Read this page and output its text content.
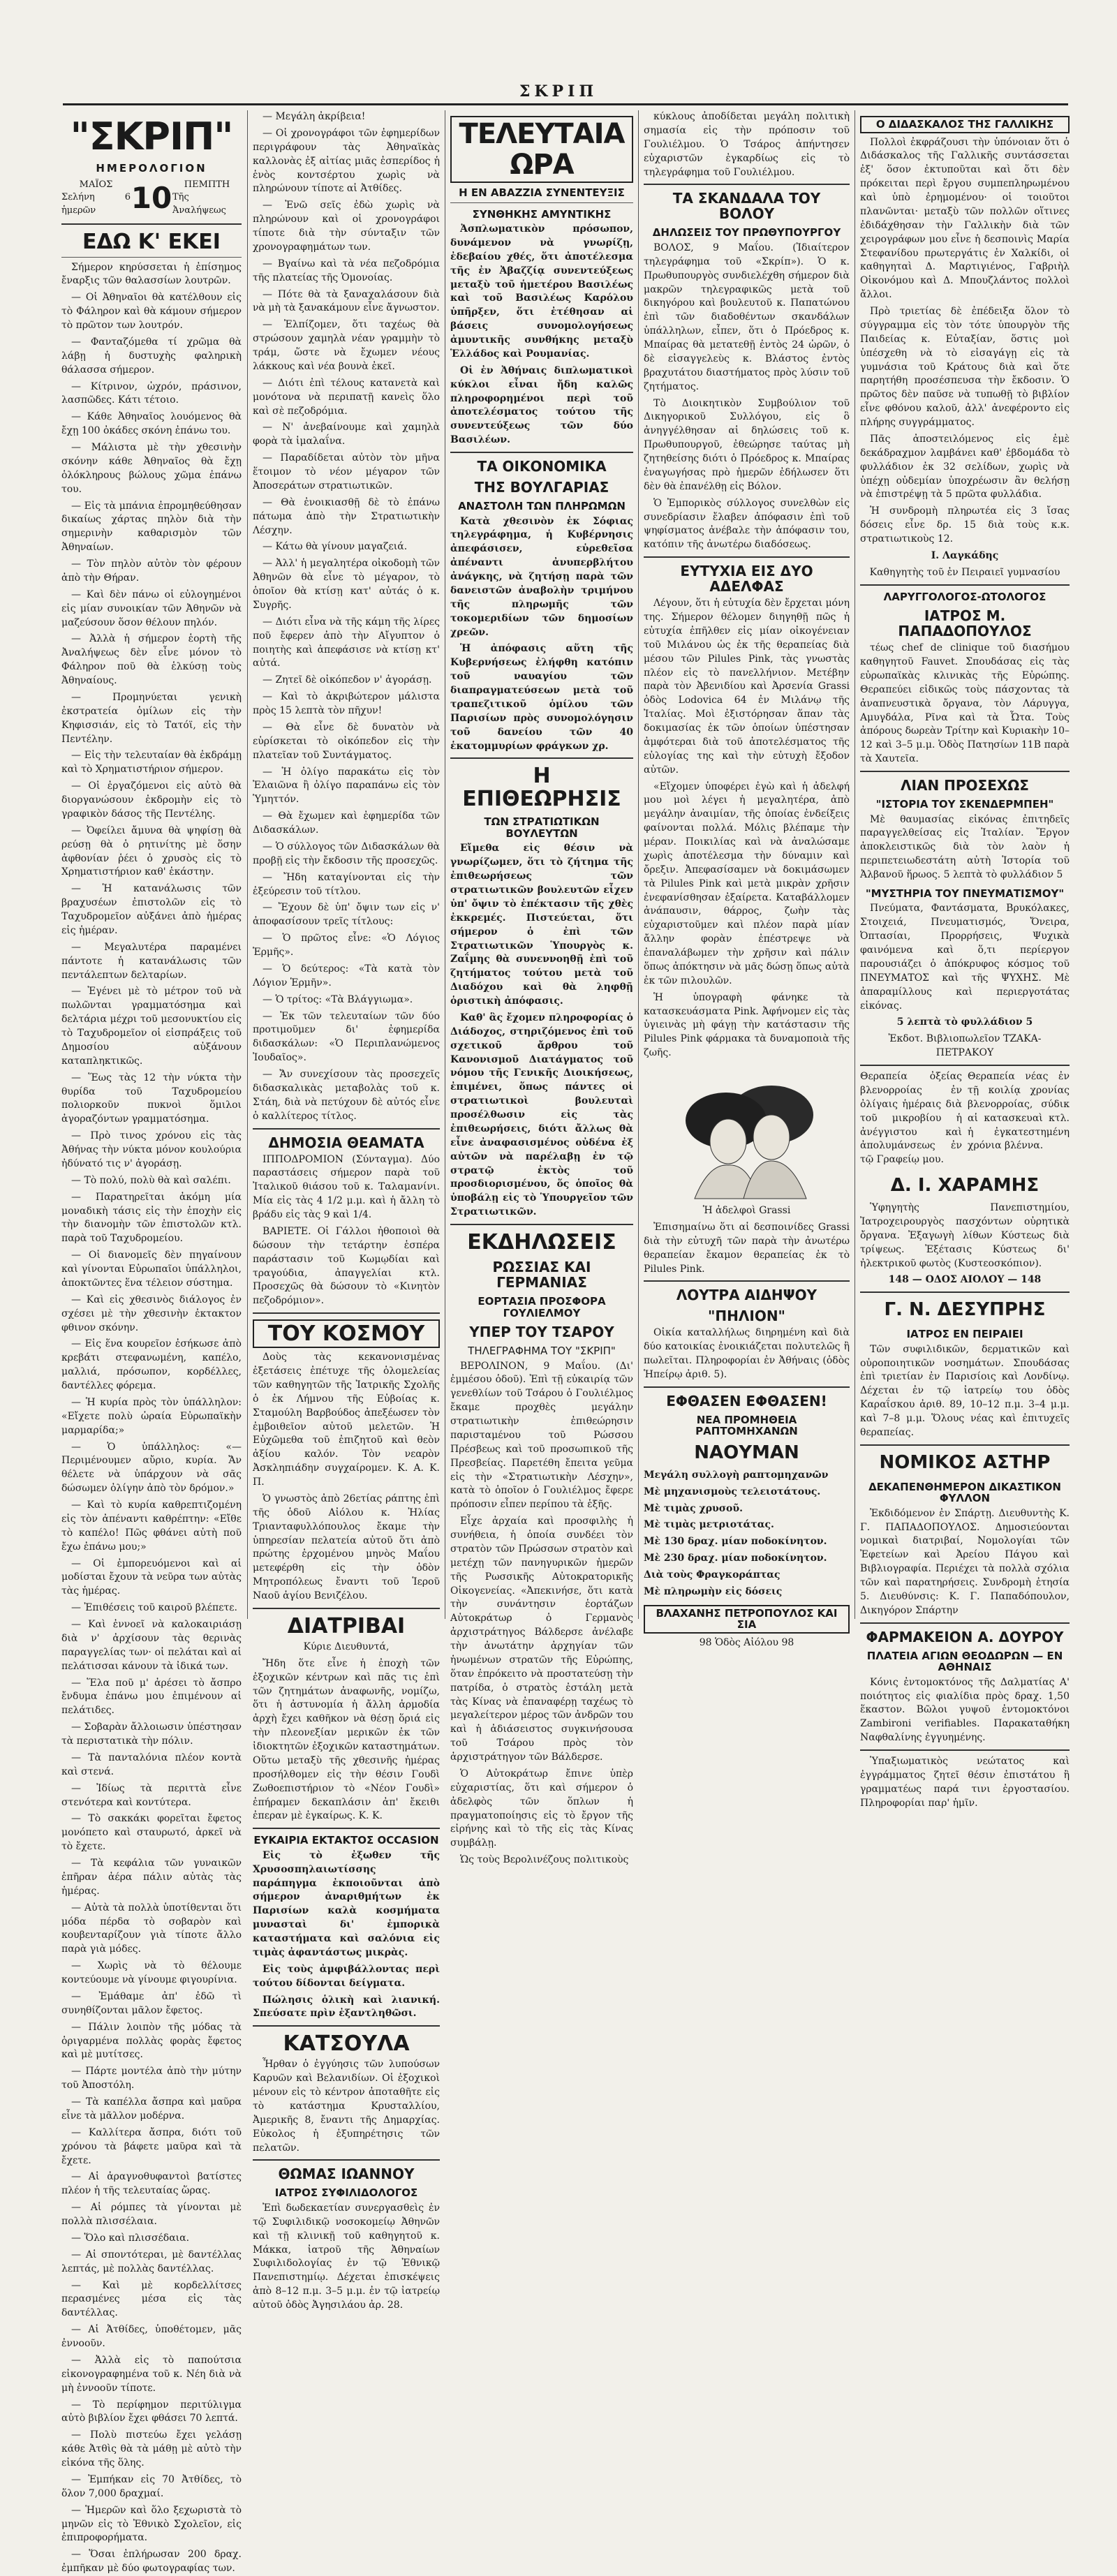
ΣΚΡΙΠ
"ΣΚΡΙΠ"
ΗΜΕΡΟΛΟΓΙΟΝ
ΜΑΪΟΣ
Σελήνη 6 ἡμερῶν	10	ΠΕΜΠΤΗ
Τῆς Ἀναλήψεως
ΕΔΩ Κ' ΕΚΕΙ

Σήμερον κηρύσσεται ἡ ἐπίσημος ἔναρξις τῶν θαλασσίων λουτρῶν.

— Οἱ Ἀθηναῖοι θὰ κατέλθουν εἰς τὸ Φάληρον καὶ θὰ κάμουν σήμερον τὸ πρῶτον των λουτρόν.

— Φανταζόμεθα τί χρῶμα θὰ λάβῃ ἡ δυστυχὴς φαληρικὴ θάλασσα σήμερον.

— Κίτρινον, ὠχρόν, πράσινον, λασπῶδες. Κάτι τέτοιο.

— Κάθε Ἀθηναῖος λουόμενος θὰ ἔχῃ 100 ὀκάδες σκόνη ἐπάνω του.

— Μάλιστα μὲ τὴν χθεσινὴν σκόνην κάθε Ἀθηναῖος θὰ ἔχῃ ὁλόκληρους βώλους χῶμα ἐπάνω του.

— Εἰς τὰ μπάνια ἐπρομηθεύθησαν δικαίως χάρτας πηλὸν διὰ τὴν σημερινὴν καθαρισμὸν τῶν Ἀθηναίων.

— Τὸν πηλὸν αὐτὸν τὸν φέρουν ἀπὸ τὴν Θήραν.

— Καὶ δὲν πάνω οἱ εὐλογημένοι εἰς μίαν συνοικίαν τῶν Ἀθηνῶν νὰ μαζεύσουν ὅσον θέλουν πηλόν.

— Ἀλλὰ ἡ σήμερον ἑορτὴ τῆς Ἀναλήψεως δὲν εἶνε μόνον τὸ Φάληρον ποῦ θὰ ἑλκύσῃ τοὺς Ἀθηναίους.

— Προμηνύεται γενικὴ ἐκστρατεία ὁμίλων εἰς τὴν Κηφισσιάν, εἰς τὸ Τατόϊ, εἰς τὴν Πεντέλην.

— Εἰς τὴν τελευταίαν θὰ ἐκδράμῃ καὶ τὸ Χρηματιστήριον σήμερον.

— Οἱ ἐργαζόμενοι εἰς αὐτὸ θὰ διοργανώσουν ἐκδρομὴν εἰς τὸ γραφικὸν δάσος τῆς Πεντέλης.

— Ὀφείλει ἄμυνα θὰ ψηφίσῃ θὰ ρεύσῃ θὰ ὁ ρητινίτης μὲ ὅσην ἀφθονίαν ῥέει ὁ χρυσὸς εἰς τὸ Χρηματιστήριον καθ' ἑκάστην.

— Ἡ κατανάλωσις τῶν βραχυσέων ἐπιστολῶν εἰς τὸ Ταχυδρομεῖον αὐξάνει ἀπὸ ἡμέρας εἰς ἡμέραν.

— Μεγαλυτέρα παραμένει πάντοτε ἡ κατανάλωσις τῶν πεντάλεπτων δελταρίων.

— Ἐγένει μὲ τὸ μέτρον τοῦ νὰ πωλῶνται γραμματόσημα καὶ δελτάρια μέχρι τοῦ μεσονυκτίου εἰς τὸ Ταχυδρομεῖον οἱ εἰσπράξεις τοῦ Δημοσίου αὐξάνουν καταπληκτικῶς.

— Ἕως τὰς 12 τὴν νύκτα τὴν θυρίδα τοῦ Ταχυδρομείου πολιορκοῦν πυκνοὶ ὅμιλοι ἀγοραζόντων γραμματόσημα.

— Πρὸ τινος χρόνου εἰς τὰς Ἀθήνας τὴν νύκτα μόνον κουλούρια ἠδύνατό τις ν' ἀγοράσῃ.

— Τὸ πολύ, πολὺ θὰ καὶ σαλέπι.

— Παρατηρεῖται ἀκόμη μία μοναδικὴ τάσις εἰς τὴν ἐποχὴν εἰς τὴν διανομὴν τῶν ἐπιστολῶν κτλ. παρὰ τοῦ Ταχυδρομείου.

— Οἱ διανομεῖς δὲν πηγαίνουν καὶ γίνονται Εὐρωπαῖοι ὑπάλληλοι, ἀποκτῶντες ἕνα τέλειον σύστημα.

— Καὶ εἰς χθεσινὸς διάλογος ἐν σχέσει μὲ τὴν χθεσινὴν ἐκτακτον φθινον σκόνην.

— Εἰς ἕνα κουρεῖον ἐσήκωσε ἀπὸ κρεβάτι στεφανωμένη, καπέλο, μαλλιά, πρόσωπον, κορδέλλες, δαντέλλες φόρεμα.

— Ἡ κυρία πρὸς τὸν ὑπάλληλον: «Εἴχετε πολὺ ὡραία Εὐρωπαϊκὴν μαρμαρίδα;»

— Ὁ ὑπάλληλος: «— Περιμένουμεν αὔριο, κυρία. Ἄν θέλετε νὰ ὑπάρχουν νὰ σᾶς δώσωμεν ὀλίγην ἀπὸ τὸν δρόμον.»

— Καὶ τὸ κυρία καθρεπτιζομένη εἰς τὸν ἀπέναντι καθρέπτην: «Εἴθε τὸ καπέλο! Πῶς φθάνει αὐτὴ ποῦ ἔχω ἐπάνω μου;»

— Οἱ ἐμπορευόμενοι καὶ αἱ μοδίσται ἔχουν τὰ νεῦρα των αὐτὰς τὰς ἡμέρας.

— Ἐπιθέσεις τοῦ καιροῦ βλέπετε.

— Καὶ ἐννοεῖ νὰ καλοκαιριάσῃ διὰ ν' ἀρχίσουν τὰς θερινὰς παραγγελίας των· οἱ πελάται καὶ αἱ πελάτισσαι κάνουν τὰ ἰδικά των.

— Ἕλα ποῦ μ' ἀρέσει τὸ ἄσπρο ἔνδυμα ἐπάνω μου ἐπιμένουν αἱ πελάτιδες.

— Σοβαρὰν ἄλλοιωσιν ὑπέστησαν τὰ περιστατικὰ τὴν πόλιν.

— Τὰ πανταλόνια πλέον κοντὰ καὶ στενά.

— Ἰδίως τὰ περιττὰ εἶνε στενότερα καὶ κοντύτερα.

— Τὸ σακκάκι φορεῖται ἔφετος μονόπετο καὶ σταυρωτό, ἀρκεῖ νὰ τὸ ἔχετε.

— Τὰ κεφάλια τῶν γυναικῶν ἐπῆραν ἀέρα πάλιν αὐτὰς τὰς ἡμέρας.

— Αὐτὰ τὰ πολλὰ ὑποτίθενται ὅτι μόδα πέρδα τὸ σοβαρὸν καὶ κουβενταρίζουν γιὰ τίποτε ἄλλο παρὰ γιὰ μόδες.

— Χωρὶς νὰ τὸ θέλουμε κοντεύουμε νὰ γίνουμε φιγουρίνια.

— Ἐμάθαμε ἀπ' ἐδῶ τὶ συνηθίζονται μᾶλον ἔφετος.

— Πάλιν λοιπὸν τῆς μόδας τὰ ὁριγαρμένα πολλὰς φορὰς ἔφετος καὶ μὲ μυτίτσες.

— Πάρτε μοντέλα ἀπὸ τὴν μύτην τοῦ Ἀποστόλη.

— Τὰ καπέλλα ἄσπρα καὶ μαῦρα εἶνε τὰ μᾶλλον μοδέρνα.

— Καλλίτερα ἄσπρα, διότι τοῦ χρόνου τὰ βάφετε μαῦρα καὶ τὰ ἔχετε.

— Αἱ ἀραγνοθυφαντοὶ βατίστες πλέον ἡ τῆς τελευταίας ὥρας.

— Αἱ ρόμπες τὰ γίνονται μὲ πολλὰ πλισσέλαια.

— Ὅλο καὶ πλισσέδαια.

— Αἱ σποντότεραι, μὲ δαντέλλας λεπτάς, μὲ πολλὰς δαντέλλας.

— Καὶ μὲ κορδελλίτσες περασμένες μέσα εἰς τὰς δαντέλλας.

— Αἱ Ἀτθίδες, ὑποθέτομεν, μᾶς ἐννοοῦν.

— Ἀλλὰ εἰς τὸ παπούτσια εἰκονογραφημένα τοῦ κ. Νέη διὰ νὰ μὴ ἐννοοῦν τίποτε.

— Τὸ περίφημον περιτύλιγμα αὐτὸ βιβλίον ἔχει φθάσει 70 λεπτά.

— Πολὺ πιστεύω ἔχει γελάσῃ κάθε Ἀτθὶς θὰ τὰ μάθῃ μὲ αὐτὸ τὴν εἰκόνα τῆς ὅλης.

— Ἐμπήκαν εἰς 70 Ἀτθίδες, τὸ ὅλον 7,000 δραχμαί.

— Ἡμερῶν καὶ ὅλο ξεχωριστὰ τὸ μηνῶν εἰς τὸ Ἐθνικὸ Σχολεῖον, εἰς ἐπιπροφορήματα.

— Ὅσαι ἐπλήρωσαν 200 δραχ. ἐμπῆκαν μὲ δύο φωτογραφίας των.

— Μεγάλη ἀκρίβεια!

— Οἱ χρονογράφοι τῶν ἐφημερίδων περιγράφουν τὰς Ἀθηναϊκὰς καλλονὰς ἐξ αἰτίας μιᾶς ἐσπερίδος ἡ ἑνὸς κοντσέρτου χωρὶς νὰ πληρώνουν τίποτε αἱ Ἀτθίδες.

— Ἐνῶ σεῖς ἐδὼ χωρὶς νὰ πληρώνουν καὶ οἱ χρονογράφοι τίποτε διὰ τὴν σύνταξιν τῶν χρονογραφημάτων των.

— Βγαίνω καὶ τὰ νέα πεζοδρόμια τῆς πλατείας τῆς Ὁμονοίας.

— Πότε θὰ τὰ ξαναχαλάσουν διὰ νὰ μὴ τὰ ξανακάμουν εἶνε ἄγνωστον.

— Ἐλπίζομεν, ὅτι ταχέως θὰ στρώσουν χαμηλὰ νέαν γραμμὴν τὸ τράμ, ὥστε νὰ ἔχωμεν νέους λάκκους καὶ νέα βουνὰ ἐκεῖ.

— Διότι ἐπὶ τέλους κατανετὰ καὶ μονότονα νὰ περιπατῇ κανεὶς ὅλο καὶ σὲ πεζοδρόμια.

— Ν' ἀνεβαίνουμε καὶ χαμηλὰ φορὰ τὰ ἱμαλαΐνα.

— Παραδίδεται αὐτὸν τὸν μῆνα ἕτοιμον τὸ νέον μέγαρον τῶν Ἀποσεράτων στρατιωτικῶν.

— Θὰ ἐνοικιασθῇ δὲ τὸ ἐπάνω πάτωμα ἀπὸ τὴν Στρατιωτικὴν Λέσχην.

— Κάτω θὰ γίνουν μαγαζειά.

— Ἀλλ' ἡ μεγαλητέρα οἰκοδομὴ τῶν Ἀθηνῶν θὰ εἶνε τὸ μέγαρον, τὸ ὁποῖον θὰ κτίσῃ κατ' αὐτάς ὁ κ. Συγρῆς.

— Διότι εἶνα νὰ τῆς κάμη τῆς λίρες ποῦ ἔφερεν ἀπὸ τὴν Αἴγυπτον ὁ ποιητὴς καὶ ἀπεφάσισε νὰ κτίσῃ κτ' αὐτά.

— Ζητεῖ δὲ οἰκόπεδον ν' ἀγοράσῃ.

— Καὶ τὸ ἀκριβώτερον μάλιστα πρὸς 15 λεπτὰ τὸν πῆχυν!

— Θὰ εἶνε δὲ δυνατὸν νὰ εὑρίσκεται τὸ οἰκόπεδον εἰς τὴν πλατεῖαν τοῦ Συντάγματος.

— Ἡ ὀλίγο παρακάτω εἰς τὸν Ἐλαιῶνα ἢ ὀλίγο παραπάνω εἰς τὸν Ὑμηττόν.

— Θὰ ἔχωμεν καὶ ἐφημερίδα τῶν Διδασκάλων.

— Ὁ σύλλογος τῶν Διδασκάλων θὰ προβῇ εἰς τὴν ἔκδοσιν τῆς προσεχῶς.

— Ἤδη καταγίνονται εἰς τὴν ἐξεύρεσιν τοῦ τίτλου.

— Ἔχουν δὲ ὑπ' ὄψιν των εἰς ν' ἀποφασίσουν τρεῖς τίτλους:

— Ὁ πρῶτος εἶνε: «Ὁ Λόγιος Ἑρμῆς».

— Ὁ δεύτερος: «Τὰ κατὰ τὸν Λόγιον Ἑρμῆν».

— Ὁ τρίτος: «Τὰ Βλάγγιωμα».

— Ἐκ τῶν τελευταίων τῶν δύο προτιμοῦμεν δι' ἐφημερίδα διδασκάλων: «Ὁ Περιπλανώμενος Ἰουδαῖος».

— Ἄν συνεχίσουν τὰς προσεχεῖς διδασκαλικὰς μεταβολὰς τοῦ κ. Στάη, διὰ νὰ πετύχουν δὲ αὐτός εἶνε ὁ καλλίτερος τίτλος.

ΔΗΜΟΣΙΑ ΘΕΑΜΑΤΑ

ΙΠΠΟΔΡΟΜΙΟΝ (Σύνταγμα). Δύο παραστάσεις σήμερον παρὰ τοῦ Ἰταλικοῦ θιάσου τοῦ κ. Ταλαμανίνι. Μία εἰς τὰς 4 1/2 μ.μ. καὶ ἡ ἄλλη τὸ βράδυ εἰς τὰς 9 καὶ 1/4.

ΒΑΡΙΕΤΕ. Οἱ Γάλλοι ἠθοποιοὶ θὰ δώσουν τὴν τετάρτην ἑσπέρα παράστασιν τοῦ Κωμῳδίαι καὶ τραγούδια, ἀπαγγελίαι κτλ. Προσεχῶς θὰ δώσουν τὸ «Κινητὸν πεζοδρόμιον».

ΤΟΥ ΚΟΣΜΟΥ

Δοὺς τὰς κεκανονισμένας ἐξετάσεις ἐπέτυχε τῆς ὁλομελείας τῶν καθηγητῶν τῆς Ἰατρικῆς Σχολῆς ὁ ἐκ Λήμνου τῆς Εὐβοίας κ. Σταμούλη Βαρβούδος ἀπεξέωσεν τὸν ἐμβοιθεῖον αὐτοῦ μελετῶν. Ἡ Εὐχῶμεθα τοῦ ἐπιζητοῦ καὶ θεὸν ἀξίου καλόν. Τὸν νεαρὸν Ἀσκληπιάδην συγχαίρομεν. Κ. Α. Κ. Π.

Ὁ γνωστὸς ἀπὸ 26ετίας ράπτης ἐπὶ τῆς ὁδοῦ Αἰόλου κ. Ἠλίας Τριανταφυλλόπουλος ἔκαμε τὴν ὑπηρεσίαν πελατεία αὐτοῦ ὅτι ἀπὸ πρώτης ἐρχομένου μηνὸς Μαΐου μετεφέρθη εἰς τὴν ὁδὸν Μητροπόλεως ἔναντι τοῦ Ἱεροῦ Ναοῦ ἁγίου Βενιζέλου.

ΔΙΑΤΡΙΒΑΙ

Κύριε Διευθυντά,

Ἤδη ὅτε εἶνε ἡ ἐποχὴ τῶν ἐξοχικῶν κέντρων καὶ πᾶς τις ἐπὶ τῶν ζητημάτων ἀναφωνῆς, νομίζω, ὅτι ἡ ἀστυνομία ἡ ἄλλη ἁρμοδία ἀρχὴ ἔχει καθῆκον νὰ θέσῃ ὅριά εἰς τὴν πλεονεξίαν μερικῶν ἐκ τῶν ἰδιοκτητῶν ἐξοχικῶν καταστημάτων. Οὕτω μεταξὺ τῆς χθεσινῆς ἡμέρας προσήλθομεν εἰς τὴν θέσιν Γουδὶ Ζωθοεπιστήριον τὸ «Νέον Γουδὶ» ἐπήραμεν δεκαπλάσιν ἀπ' ἔκειθι ἐπεραν μὲ ἐγκαίρως. Κ. Κ.

ΕΥΚΑΙΡΙΑ ΕΚΤΑΚΤΟΣ OCCASION

Εἰς τὸ ἐξωθεν τῆς Χρυσοσπηλαιωτίσσης παράπηγμα ἐκποιοῦνται ἀπὸ σήμερον ἀναριθμήτων ἐκ Παρισίων καλὰ κοσμήματα μυνασταὶ δι' ἐμπορικὰ καταστήματα καὶ σαλόνια εἰς τιμὰς ἀφαντάστως μικρὰς.

Εἰς τοὺς ἀμφιβάλλοντας περὶ τούτου δίδονται δείγματα.

Πώλησις ὁλικὴ καὶ λιανική. Σπεύσατε πρὶν ἐξαντληθῶσι.

ΚΑΤΣΟΥΛΑ

Ἦρθαν ὁ ἐγγύησις τῶν λυπούσων Καρυῶν καὶ Βελανιδίων. Οἱ ἐξοχικοὶ μένουν εἰς τὸ κέντρον ἀποταθῆτε εἰς τὸ κατάστημα Κρυσταλλίου, Ἀμερικῆς 8, ἔναντι τῆς Δημαρχίας. Εὐκολος ἡ ἐξυπηρέτησις τῶν πελατῶν.

ΘΩΜΑΣ ΙΩΑΝΝΟΥ
ΙΑΤΡΟΣ ΣΥΦΙΛΙΔΟΛΟΓΟΣ

Ἐπὶ δωδεκαετίαν συνεργασθεὶς ἐν τῷ Συφιλιδικῷ νοσοκομείῳ Ἀθηνῶν καὶ τῇ κλινικῇ τοῦ καθηγητοῦ κ. Μάκκα, ἰατροῦ τῆς Ἀθηναίων Συφιλιδολογίας ἐν τῷ Ἐθνικῷ Πανεπιστημίῳ. Δέχεται ἐπισκέψεις ἀπὸ 8–12 π.μ. 3–5 μ.μ. ἐν τῷ ἰατρείῳ αὐτοῦ ὁδὸς Ἀγησιλάου ἀρ. 28.

ΤΕΛΕΥΤΑΙΑ ΩΡΑ
Η ΕΝ ΑΒΑΖΖΙΑ ΣΥΝΕΝΤΕΥΞΙΣ
ΣΥΝΘΗΚΗΣ ΑΜΥΝΤΙΚΗΣ

Ἀσπλωματικὸν πρόσωπον, δυνάμενον νὰ γνωρίζῃ, ἐδεβαίου χθές, ὅτι ἀποτέλεσμα τῆς ἐν Ἀβαζζίᾳ συνεντεύξεως μεταξὺ τοῦ ἡμετέρου Βασιλέως καὶ τοῦ Βασιλέως Καρόλου ὑπῆρξεν, ὅτι ἐτέθησαν αἱ βάσεις συνομολογήσεως ἀμυντικῆς συνθήκης μεταξὺ Ἑλλάδος καὶ Ρουμανίας.

Οἱ ἐν Ἀθήναις διπλωματικοὶ κύκλοι εἶναι ἤδη καλῶς πληροφορημένοι περὶ τοῦ ἀποτελέσματος τούτου τῆς συνεντεύξεως τῶν δύο Βασιλέων.

ΤΑ ΟΙΚΟΝΟΜΙΚΑ
ΤΗΣ ΒΟΥΛΓΑΡΙΑΣ
ΑΝΑΣΤΟΛΗ ΤΩΝ ΠΛΗΡΩΜΩΝ

Κατὰ χθεσινὸν ἐκ Σόφιας τηλεγράφημα, ἡ Κυβέρνησις ἀπεφάσισεν, εὑρεθεῖσα ἀπέναντι ἀνυπερβλήτου ἀνάγκης, νὰ ζητήσῃ παρὰ τῶν δανειστῶν ἀναβολὴν τριμήνου τῆς πληρωμῆς τῶν τοκομεριδίων τῶν δημοσίων χρεῶν.

Ἡ ἀπόφασις αὕτη τῆς Κυβερνήσεως ἐλήφθη κατόπιν τοῦ ναυαγίου τῶν διαπραγματεύσεων μετὰ τοῦ τραπεζιτικοῦ ὁμίλου τῶν Παρισίων πρὸς συνομολόγησιν τοῦ δανείου τῶν 40 ἑκατομμυρίων φράγκων χρ.

Η ΕΠΙΘΕΩΡΗΣΙΣ
ΤΩΝ ΣΤΡΑΤΙΩΤΙΚΩΝ ΒΟΥΛΕΥΤΩΝ

Εἴμεθα εἰς θέσιν νὰ γνωρίζωμεν, ὅτι τὸ ζήτημα τῆς ἐπιθεωρήσεως τῶν στρατιωτικῶν βουλευτῶν εἶχεν ὑπ' ὄψιν τὸ ἐπέκτασιν τῆς χθὲς ἐκκρεμές. Πιστεύεται, ὅτι σήμερον ὁ ἐπὶ τῶν Στρατιωτικῶν Ὑπουργὸς κ. Ζαΐμης θὰ συνεννοηθῇ ἐπὶ τοῦ ζητήματος τούτου μετὰ τοῦ Διαδόχου καὶ θὰ ληφθῇ ὁριστικὴ ἀπόφασις.

Καθ' ἃς ἔχομεν πληροφορίας ὁ Διάδοχος, στηριζόμενος ἐπὶ τοῦ σχετικοῦ ἄρθρου τοῦ Κανονισμοῦ Διατάγματος τοῦ νόμου τῆς Γενικῆς Διοικήσεως, ἐπιμένει, ὅπως πάντες οἱ στρατιωτικοὶ βουλευταὶ προσέλθωσιν εἰς τὰς ἐπιθεωρήσεις, διότι ἄλλως θὰ εἶνε ἀναφασισμένος οὐδένα ἐξ αὐτῶν νὰ παρέλαβῃ ἐν τῷ στρατῷ ἐκτὸς τοῦ προσδιορισμένου, ὅς ὁποῖος θὰ ὑποβάλῃ εἰς τὸ Ὑπουργεῖον τῶν Στρατιωτικῶν.

ΕΚΔΗΛΩΣΕΙΣ
ΡΩΣΣΙΑΣ ΚΑΙ ΓΕΡΜΑΝΙΑΣ
ΕΟΡΤΑΣΙΑ ΠΡΟΣΦΟΡΑ ΓΟΥΛΙΕΛΜΟΥ
ΥΠΕΡ ΤΟΥ ΤΣΑΡΟΥ
ΤΗΛΕΓΡΑΦΗΜΑ ΤΟΥ "ΣΚΡΙΠ"

ΒΕΡΟΛΙΝΟΝ, 9 Μαΐου. (Δι' ἐμμέσου ὁδοῦ). Ἐπὶ τῇ εὐκαιρίᾳ τῶν γενεθλίων τοῦ Τσάρου ὁ Γουλιέλμος ἔκαμε προχθὲς μεγάλην στρατιωτικὴν ἐπιθεώρησιν παρισταμένου τοῦ Ρώσσου Πρέσβεως καὶ τοῦ προσωπικοῦ τῆς Πρεσβείας. Παρετέθη ἔπειτα γεῦμα εἰς τὴν «Στρατιωτικὴν Λέσχην», κατὰ τὸ ὁποῖον ὁ Γουλιέλμος ἔφερε πρόποσιν εἶπεν περίπου τὰ ἑξῆς.

Εἶχε ἀρχαία καὶ προσφιλὴς ἡ συνήθεια, ἡ ὁποία συνδέει τὸν στρατὸν τῶν Πρώσσων στρατὸν καὶ μετέχῃ τῶν πανηγυρικῶν ἡμερῶν τῆς Ρωσσικῆς Αὐτοκρατορικῆς Οἰκογενείας. «Ἀπεκινήσε, ὅτι κατὰ τὴν συνάντησιν ἑορτάζων Αὐτοκράτωρ ὁ Γερμανὸς ἀρχιστράτηγος Βάλδερσε ἀνέλαβε τὴν ἀνωτάτην ἀρχηγίαν τῶν ἡνωμένων στρατῶν τῆς Εὐρώπης, ὅταν ἐπρόκειτο νὰ προστατεύσῃ τὴν πατρίδα, ὁ στρατὸς ἐστάλη μετὰ τὰς Κίνας νὰ ἐπαναφέρῃ ταχέως τὸ μεγαλείτερον μέρος τῶν ἀνδρῶν του καὶ ἡ ἀδιάσειστος συγκινήσουσα τοῦ Τσάρου πρὸς τὸν ἀρχιστράτηγον τῶν Βάλδερσε.

Ὁ Αὐτοκράτωρ ἔπινε ὑπὲρ εὐχαριστίας, ὅτι καὶ σήμερον ὁ ἀδελφὸς τῶν ὅπλων ἡ πραγματοποίησις εἰς τὸ ἔργον τῆς εἰρήνης καὶ τὸ τῆς εἰς τὰς Κίνας συμβάλῃ.

Ὡς τοὺς Βερολινέζους πολιτικοὺς

κύκλους ἀποδίδεται μεγάλη πολιτικὴ σημασία εἰς τὴν πρόποσιν τοῦ Γουλιέλμου. Ὁ Τσάρος ἀπήντησεν εὐχαριστῶν ἐγκαρδίως εἰς τὸ τηλεγράφημα τοῦ Γουλιέλμου.

ΤΑ ΣΚΑΝΔΑΛΑ ΤΟΥ ΒΟΛΟΥ
ΔΗΛΩΣΕΙΣ ΤΟΥ ΠΡΩΘΥΠΟΥΡΓΟΥ

ΒΟΛΟΣ, 9 Μαΐου. (Ἰδιαίτερον τηλεγράφημα τοῦ «Σκρίπ»). Ὁ κ. Πρωθυπουργὸς συνδιελέχθη σήμερον διὰ μακρῶν τηλεγραφικῶς μετὰ τοῦ δικηγόρου καὶ βουλευτοῦ κ. Παπατώνου ἐπὶ τῶν διαδοθέντων σκανδάλων ὑπάλληλων, εἶπεν, ὅτι ὁ Πρόεδρος κ. Μπαίρας θὰ μετατεθῇ ἐντὸς 24 ὡρῶν, ὁ δὲ εἰσαγγελεὺς κ. Βλάστος ἐντὸς βραχυτάτου διαστήματος πρὸς λύσιν τοῦ ζητήματος.

Τὸ Διοικητικὸν Συμβούλιον τοῦ Δικηγορικοῦ Συλλόγου, εἰς ὃ ἀνηγγέλθησαν αἱ δηλώσεις τοῦ κ. Πρωθυπουργοῦ, ἐθεώρησε ταύτας μὴ ζητηθείσης διότι ὁ Πρόεδρος κ. Μπαίρας ἐναγωγήσας πρὸ ἡμερῶν ἐδήλωσεν ὅτι δὲν θὰ ἐπανέλθῃ εἰς Βόλον.

Ὁ Ἐμπορικὸς σύλλογος συνελθὼν εἰς συνεδρίασιν ἔλαβεν ἀπόφασιν ἐπὶ τοῦ ψηφίσματος ἀνέβαλε τὴν ἀπόφασιν του, κατόπιν τῆς ἀνωτέρω διαδόσεως.

ΕΥΤΥΧΙΑ ΕΙΣ ΔΥΟ ΑΔΕΛΦΑΣ

Λέγουν, ὅτι ἡ εὐτυχία δὲν ἔρχεται μόνη της. Σήμερον θέλομεν διηγηθῇ πῶς ἡ εὐτυχία ἐπῆλθεν εἰς μίαν οἰκογένειαν τοῦ Μιλάνου ὡς ἐκ τῆς θεραπείας διὰ μέσου τῶν Pilules Pink, τὰς γνωστὰς πλέον εἰς τὸ πανελλήνιον. Μετέβην παρὰ τὸν Ἀβενιδίου καὶ Ἀρσενία Grassi ὁδὸς Lodovica 64 ἐν Μιλάνῳ τῆς Ἰταλίας. Μοὶ ἐξιστόρησαν ἅπαν τὰς δοκιμασίας ἐκ τῶν ὁποίων ὑπέστησαν ἀμφότεραι διὰ τοῦ ἀποτελέσματος τῆς εὐλογίας της καὶ τὴν εὐτυχὴ ἔξοδον αὐτῶν.

«Εἴχομεν ὑποφέρει ἐγὼ καὶ ἡ ἀδελφή μου μοὶ λέγει ἡ μεγαλητέρα, ἀπὸ μεγάλην ἀναιμίαν, τῆς ὁποίας ἐνδείξεις φαίνονται πολλά. Μόλις βλέπαμε τὴν μέραν. Ποικιλίας καὶ νὰ ἀναλώσαμε χωρὶς ἀποτέλεσμα τὴν δύναμιν καὶ ὄρεξιν. Ἀπεφασίσαμεν νὰ δοκιμάσωμεν τὰ Pilules Pink καὶ μετὰ μικρὰν χρῆσιν ἐνεφανίσθησαν ἐξαίρετα. Καταβάλλομεν ἀνάπαυσιν, θάρρος, ζωὴν τὰς εὐχαριστοῦμεν καὶ πλέον παρὰ μίαν ἄλλην φορὰν ἐπέστρεψε νὰ ἐπαναλάβωμεν τὴν χρῆσιν καὶ πάλιν ὅπως ἀπόκτησιν νὰ μᾶς δώσῃ ὅπως αὐτὰ ἐκ τῶν πιλουλῶν.

Ἡ ὑπογραφὴ φάνηκε τὰ κατασκευάσματα Pink. Ἀφήνομεν εἰς τὰς ὑγιεινὰς μὴ φάγῃ τὴν κατάστασιν τῆς Pilules Pink φάρμακα τὰ δυναμοποιὰ τῆς ζωῆς.

Ἡ ἀδελφοὶ Grassi

Ἐπισημαίνω ὅτι αἱ δεσποινίδες Grassi διὰ τὴν εὐτυχῆ τῶν παρὰ τὴν ἀνωτέρω θεραπείαν ἔκαμον θεραπείας ἐκ τὸ Pilules Pink.

ΛΟΥΤΡΑ ΑΙΔΗΨΟΥ
"ΠΗΛΙΟΝ"

Οἰκία καταλλήλως διηρημένη καὶ διὰ δύο κατοικίας ἐνοικιάζεται πολυτελῶς ἢ πωλεῖται. Πληροφορίαι ἐν Ἀθήναις (ὁδὸς Ἡπείρῳ ἀριθ. 5).

ΕΦΘΑΣΕΝ ΕΦΘΑΣΕΝ!
ΝΕΑ ΠΡΟΜΗΘΕΙΑ ΡΑΠΤΟΜΗΧΑΝΩΝ
ΝΑΟΥΜΑΝ

Μεγάλη συλλογὴ ραπτομηχανῶν

Μὲ μηχανισμοὺς τελειοτάτους.

Μὲ τιμὰς χρυσοῦ.

Μὲ τιμὰς μετριοτάτας.

Μὲ 130 δραχ. μίαν ποδοκίνητον.

Μὲ 230 δραχ. μίαν ποδοκίνητον.

Διὰ τοὺς Φραγκοράπτας

Μὲ πληρωμὴν εἰς δόσεις

ΒΛΑΧΑΝΗΣ ΠΕΤΡΟΠΟΥΛΟΣ ΚΑΙ ΣΙΑ

98 Ὁδὸς Αἰόλου 98

Ο ΔΙΔΑΣΚΑΛΟΣ ΤΗΣ ΓΑΛΛΙΚΗΣ

Πολλοὶ ἐκφράζουσι τὴν ὑπόνοιαν ὅτι ὁ Διδάσκαλος τῆς Γαλλικῆς συντάσσεται ἐξ' ὅσον ἐκτυποῦται καὶ ὅτι δὲν πρόκειται περὶ ἔργου συμπεπληρωμένου καὶ ὑπὸ ἐρημομένου· οἱ τοιοῦτοι πλανῶνται· μεταξὺ τῶν πολλῶν οἵτινες ἐδιδάχθησαν τὴν Γαλλικὴν διὰ τῶν χειρογράφων μου εἶνε ἡ δεσποινὶς Μαρία Στεφανίδου πρωτεργάτις ἐν Χαλκίδι, οἱ καθηγηταὶ Δ. Μαρτιγιένος, Γαβριὴλ Οἰκονόμου καὶ Δ. Μπουζλάντος πολλοὶ ἄλλοι.

Πρὸ τριετίας δὲ ἐπέδειξα ὅλον τὸ σύγγραμμα εἰς τὸν τότε ὑπουργὸν τῆς Παιδείας κ. Εὐταξίαν, ὅστις μοὶ ὑπέσχεθη νὰ τὸ εἰσαγάγῃ εἰς τὰ γυμνάσια τοῦ Κράτους διὰ καὶ ὅτε παρητήθη προσέσπευσα τὴν ἔκδοσιν. Ὁ πρῶτος δὲν παῦσε νὰ τυπωθῇ τὸ βιβλίον εἶνε φθόνου καλοῦ, ἀλλ' ἀνεφέροντο εἰς πλήρης συγγράμματος.

Πᾶς ἀποστειλόμενος εἰς ἐμὲ δεκάδραχμον λαμβάνει καθ' ἑβδομάδα τὸ φυλλάδιον ἐκ 32 σελίδων, χωρὶς νὰ ὑπέχῃ οὐδεμίαν ὑποχρέωσιν ἂν θελήσῃ νὰ ἐπιστρέψῃ τὰ 5 πρῶτα φυλλάδια.

Ἡ συνδρομὴ πληρωτέα εἰς 3 ἴσας δόσεις εἶνε δρ. 15 διὰ τοὺς κ.κ. στρατιωτικοὺς 12.

Ι. Λαγκάδης

Καθηγητὴς τοῦ ἐν Πειραιεῖ γυμνασίου

ΛΑΡΥΓΓΟΛΟΓΟΣ-ΩΤΟΛΟΓΟΣ
ΙΑΤΡΟΣ Μ. ΠΑΠΑΔΟΠΟΥΛΟΣ

τέως chef de clinique τοῦ διασήμου καθηγητοῦ Fauvet. Σπουδάσας εἰς τὰς εὐρωπαϊκὰς κλινικὰς τῆς Εὐρώπης. Θεραπεύει εἰδικῶς τοὺς πάσχοντας τὰ ἀναπνευστικὰ ὄργανα, τὸν Λάρυγγα, Αμυγδάλα, Ρῖνα καὶ τὰ Ὦτα. Τοὺς ἀπόρους δωρεὰν Τρίτην καὶ Κυριακὴν 10–12 καὶ 3–5 μ.μ. Ὁδὸς Πατησίων 11Β παρὰ τὰ Χαυτεῖα.

ΛΙΑΝ ΠΡΟΣΕΧΩΣ
"ΙΣΤΟΡΙΑ ΤΟΥ ΣΚΕΝΔΕΡΜΠΕΗ"

Μὲ θαυμασίας εἰκόνας ἐπιτηδεῖς παραγγελθείσας εἰς Ἰταλίαν. Ἔργον ἀποκλειστικῶς διὰ τὸν λαὸν ἡ περιπετειωδεστάτη αὐτὴ Ἱστορία τοῦ Ἀλβανοῦ ἥρωος. 5 λεπτὰ τὸ φυλλάδιον 5

"ΜΥΣΤΗΡΙΑ ΤΟΥ ΠΝΕΥΜΑΤΙΣΜΟΥ"

Πνεύματα, Φαντάσματα, Βρυκόλακες, Στοιχειά, Πνευματισμός, Ὄνειρα, Ὀπτασίαι, Προρρήσεις, Ψυχικὰ φαινόμενα καὶ ὅ,τι περίεργον παρουσιάζει ὁ ἀπόκρυφος κόσμος τοῦ ΠΝΕΥΜΑΤΟΣ καὶ τῆς ΨΥΧΗΣ. Μὲ ἀπαραμίλλους καὶ περιεργοτάτας εἰκόνας.

5 λεπτὰ τὸ φυλλάδιον 5

Ἐκδοτ. Βιβλιοπωλεῖον ΤΖΑΚΑ-ΠΕΤΡΑΚΟΥ

Θεραπεία ὀξείας βλενορροίας ἐν ὀλίγαις ἡμέραις διὰ τοῦ μικροβίου ἡ ἀνέγγιστου καὶ ἀπολυμάνσεως ἐν τῷ Γραφείῳ μου.

Θεραπεία νέας ἐν τῇ κοιλίᾳ χρονίας βλενορροίας, σύδικ αἱ κατασκευαὶ κτλ. ἡ ἐγκατεστημένη χρόνια βλέννα.

Δ. Ι. ΧΑΡΑΜΗΣ

Ὑφηγητὴς Πανεπιστημίου, Ἰατροχειρουργὸς πασχόντων οὐρητικὰ ὄργανα. Ἐξαγωγὴ λίθων Κύστεως διὰ τρίψεως. Ἐξέτασις Κύστεως δι' ἠλεκτρικοῦ φωτὸς (Κυστεοσκόπιον).

148 — ΟΔΟΣ ΑΙΟΛΟΥ — 148

Γ. Ν. ΔΕΣΥΠΡΗΣ
ΙΑΤΡΟΣ ΕΝ ΠΕΙΡΑΙΕΙ

Τῶν συφιλιδικῶν, δερματικῶν καὶ οὐροποιητικῶν νοσημάτων. Σπουδάσας ἐπὶ τριετίαν ἐν Παρισίοις καὶ Λονδίνῳ. Δέχεται ἐν τῷ ἰατρείῳ του ὁδὸς Καραΐσκου ἀριθ. 89, 10–12 π.μ. 3–4 μ.μ. καὶ 7–8 μ.μ. Ὅλους νέας καὶ ἐπιτυχεῖς θεραπείας.

ΝΟΜΙΚΟΣ ΑΣΤΗΡ
ΔΕΚΑΠΕΝΘΗΜΕΡΟΝ ΔΙΚΑΣΤΙΚΟΝ ΦΥΛΛΟΝ

Ἐκδιδόμενον ἐν Σπάρτῃ. Διευθυντὴς Κ. Γ. ΠΑΠΑΔΟΠΟΥΛΟΣ. Δημοσιεύονται νομικαὶ διατριβαί, Νομολογίαι τῶν Ἐφετείων καὶ Ἀρείου Πάγου καὶ Βιβλιογραφία. Περιέχει τὰ πολλὰ σχόλια τῶν καὶ παρατηρήσεις. Συνδρομὴ ἐτησία 5. Διευθύνσις: Κ. Γ. Παπαδόπουλον, Δικηγόρον Σπάρτην

ΦΑΡΜΑΚΕΙΟΝ Α. ΔΟΥΡΟΥ
ΠΛΑΤΕΙΑ ΑΓΙΩΝ ΘΕΟΔΩΡΩΝ — ΕΝ ΑΘΗΝΑΙΣ

Κόνις ἐντομοκτόνος τῆς Δαλματίας Α' ποιότητος εἰς φιαλίδια πρὸς δραχ. 1,50 ἕκαστον. Βῶλοι γυψοῦ ἐντομοκτόνοι Zambironi verifiables. Παρακαταθήκη Ναφθαλίνης ἐγγυημένης.

Ὑπαξιωματικὸς νεώτατος καὶ ἐγγράμματος ζητεῖ θέσιν ἐπιστάτου ἢ γραμματέως παρά τινι ἐργοστασίου. Πληροφορίαι παρ' ἡμῖν.
